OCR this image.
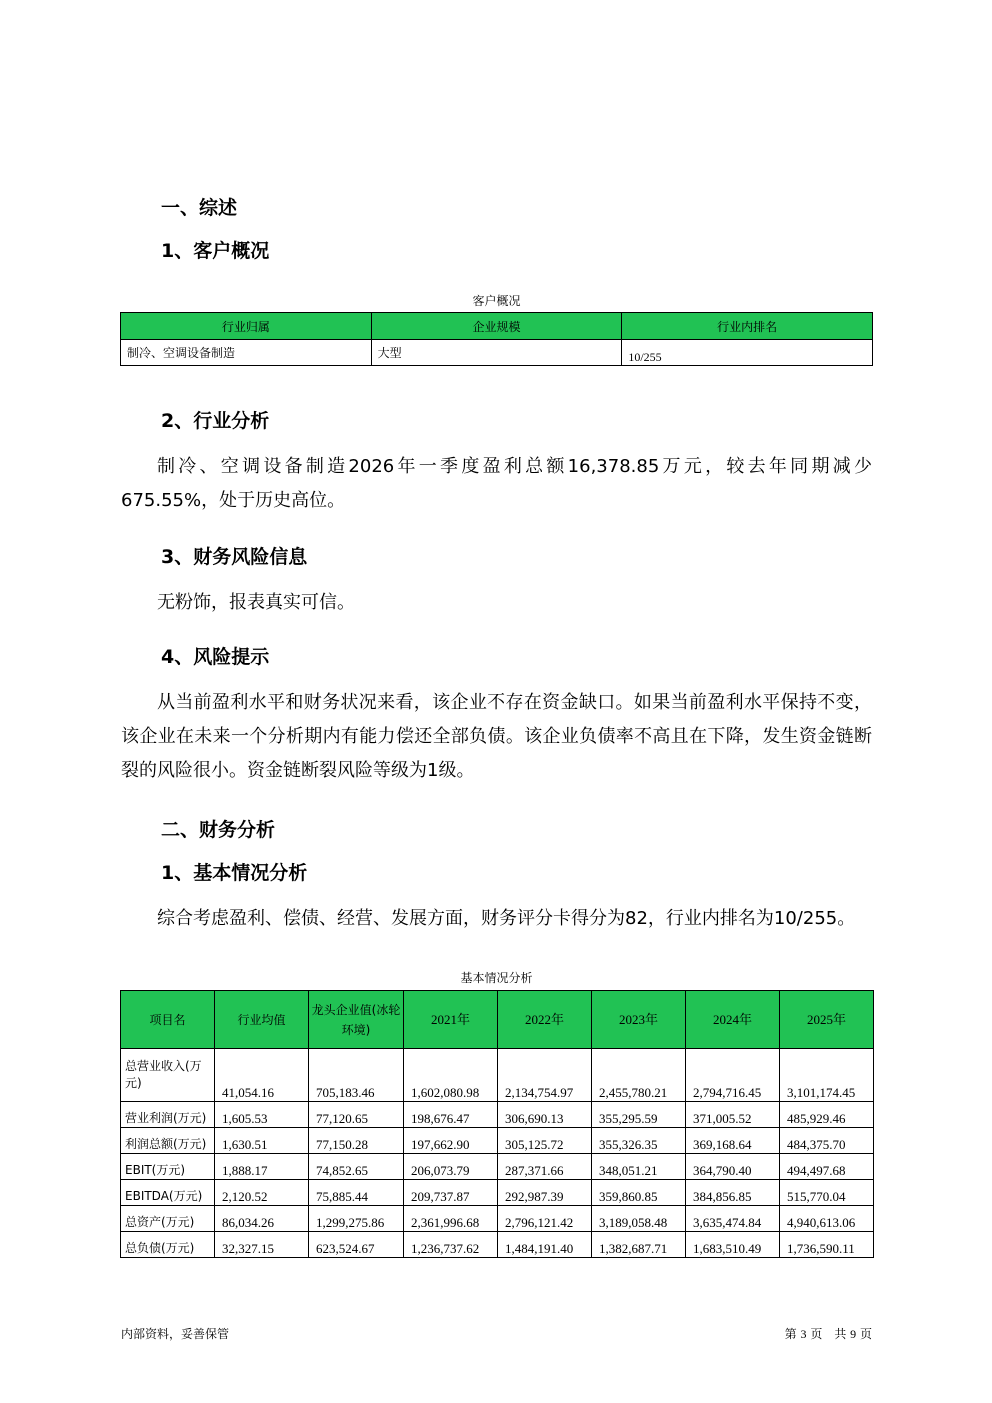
一、综述
1、客户概况
客户概况
行业归属	企业规模	行业内排名
制冷、空调设备制造	大型	10/255
2、行业分析

制冷、空调设备制造2026年一季度盈利总额16,378.85万元，较去年同期减少675.55%，处于历史高位。

3、财务风险信息

无粉饰，报表真实可信。

4、风险提示

从当前盈利水平和财务状况来看，该企业不存在资金缺口。如果当前盈利水平保持不变，该企业在未来一个分析期内有能力偿还全部负债。该企业负债率不高且在下降，发生资金链断裂的风险很小。资金链断裂风险等级为1级。

二、财务分析
1、基本情况分析

综合考虑盈利、偿债、经营、发展方面，财务评分卡得分为82，行业内排名为10/255。

基本情况分析
项目名	行业均值	龙头企业值(冰轮环境)	2021年	2022年	2023年	2024年	2025年
总营业收入(万元)	41,054.16	705,183.46	1,602,080.98	2,134,754.97	2,455,780.21	2,794,716.45	3,101,174.45
营业利润(万元)	1,605.53	77,120.65	198,676.47	306,690.13	355,295.59	371,005.52	485,929.46
利润总额(万元)	1,630.51	77,150.28	197,662.90	305,125.72	355,326.35	369,168.64	484,375.70
EBIT(万元)	1,888.17	74,852.65	206,073.79	287,371.66	348,051.21	364,790.40	494,497.68
EBITDA(万元)	2,120.52	75,885.44	209,737.87	292,987.39	359,860.85	384,856.85	515,770.04
总资产(万元)	86,034.26	1,299,275.86	2,361,996.68	2,796,121.42	3,189,058.48	3,635,474.84	4,940,613.06
总负债(万元)	32,327.15	623,524.67	1,236,737.62	1,484,191.40	1,382,687.71	1,683,510.49	1,736,590.11
内部资料，妥善保管	第 3 页　共 9 页
